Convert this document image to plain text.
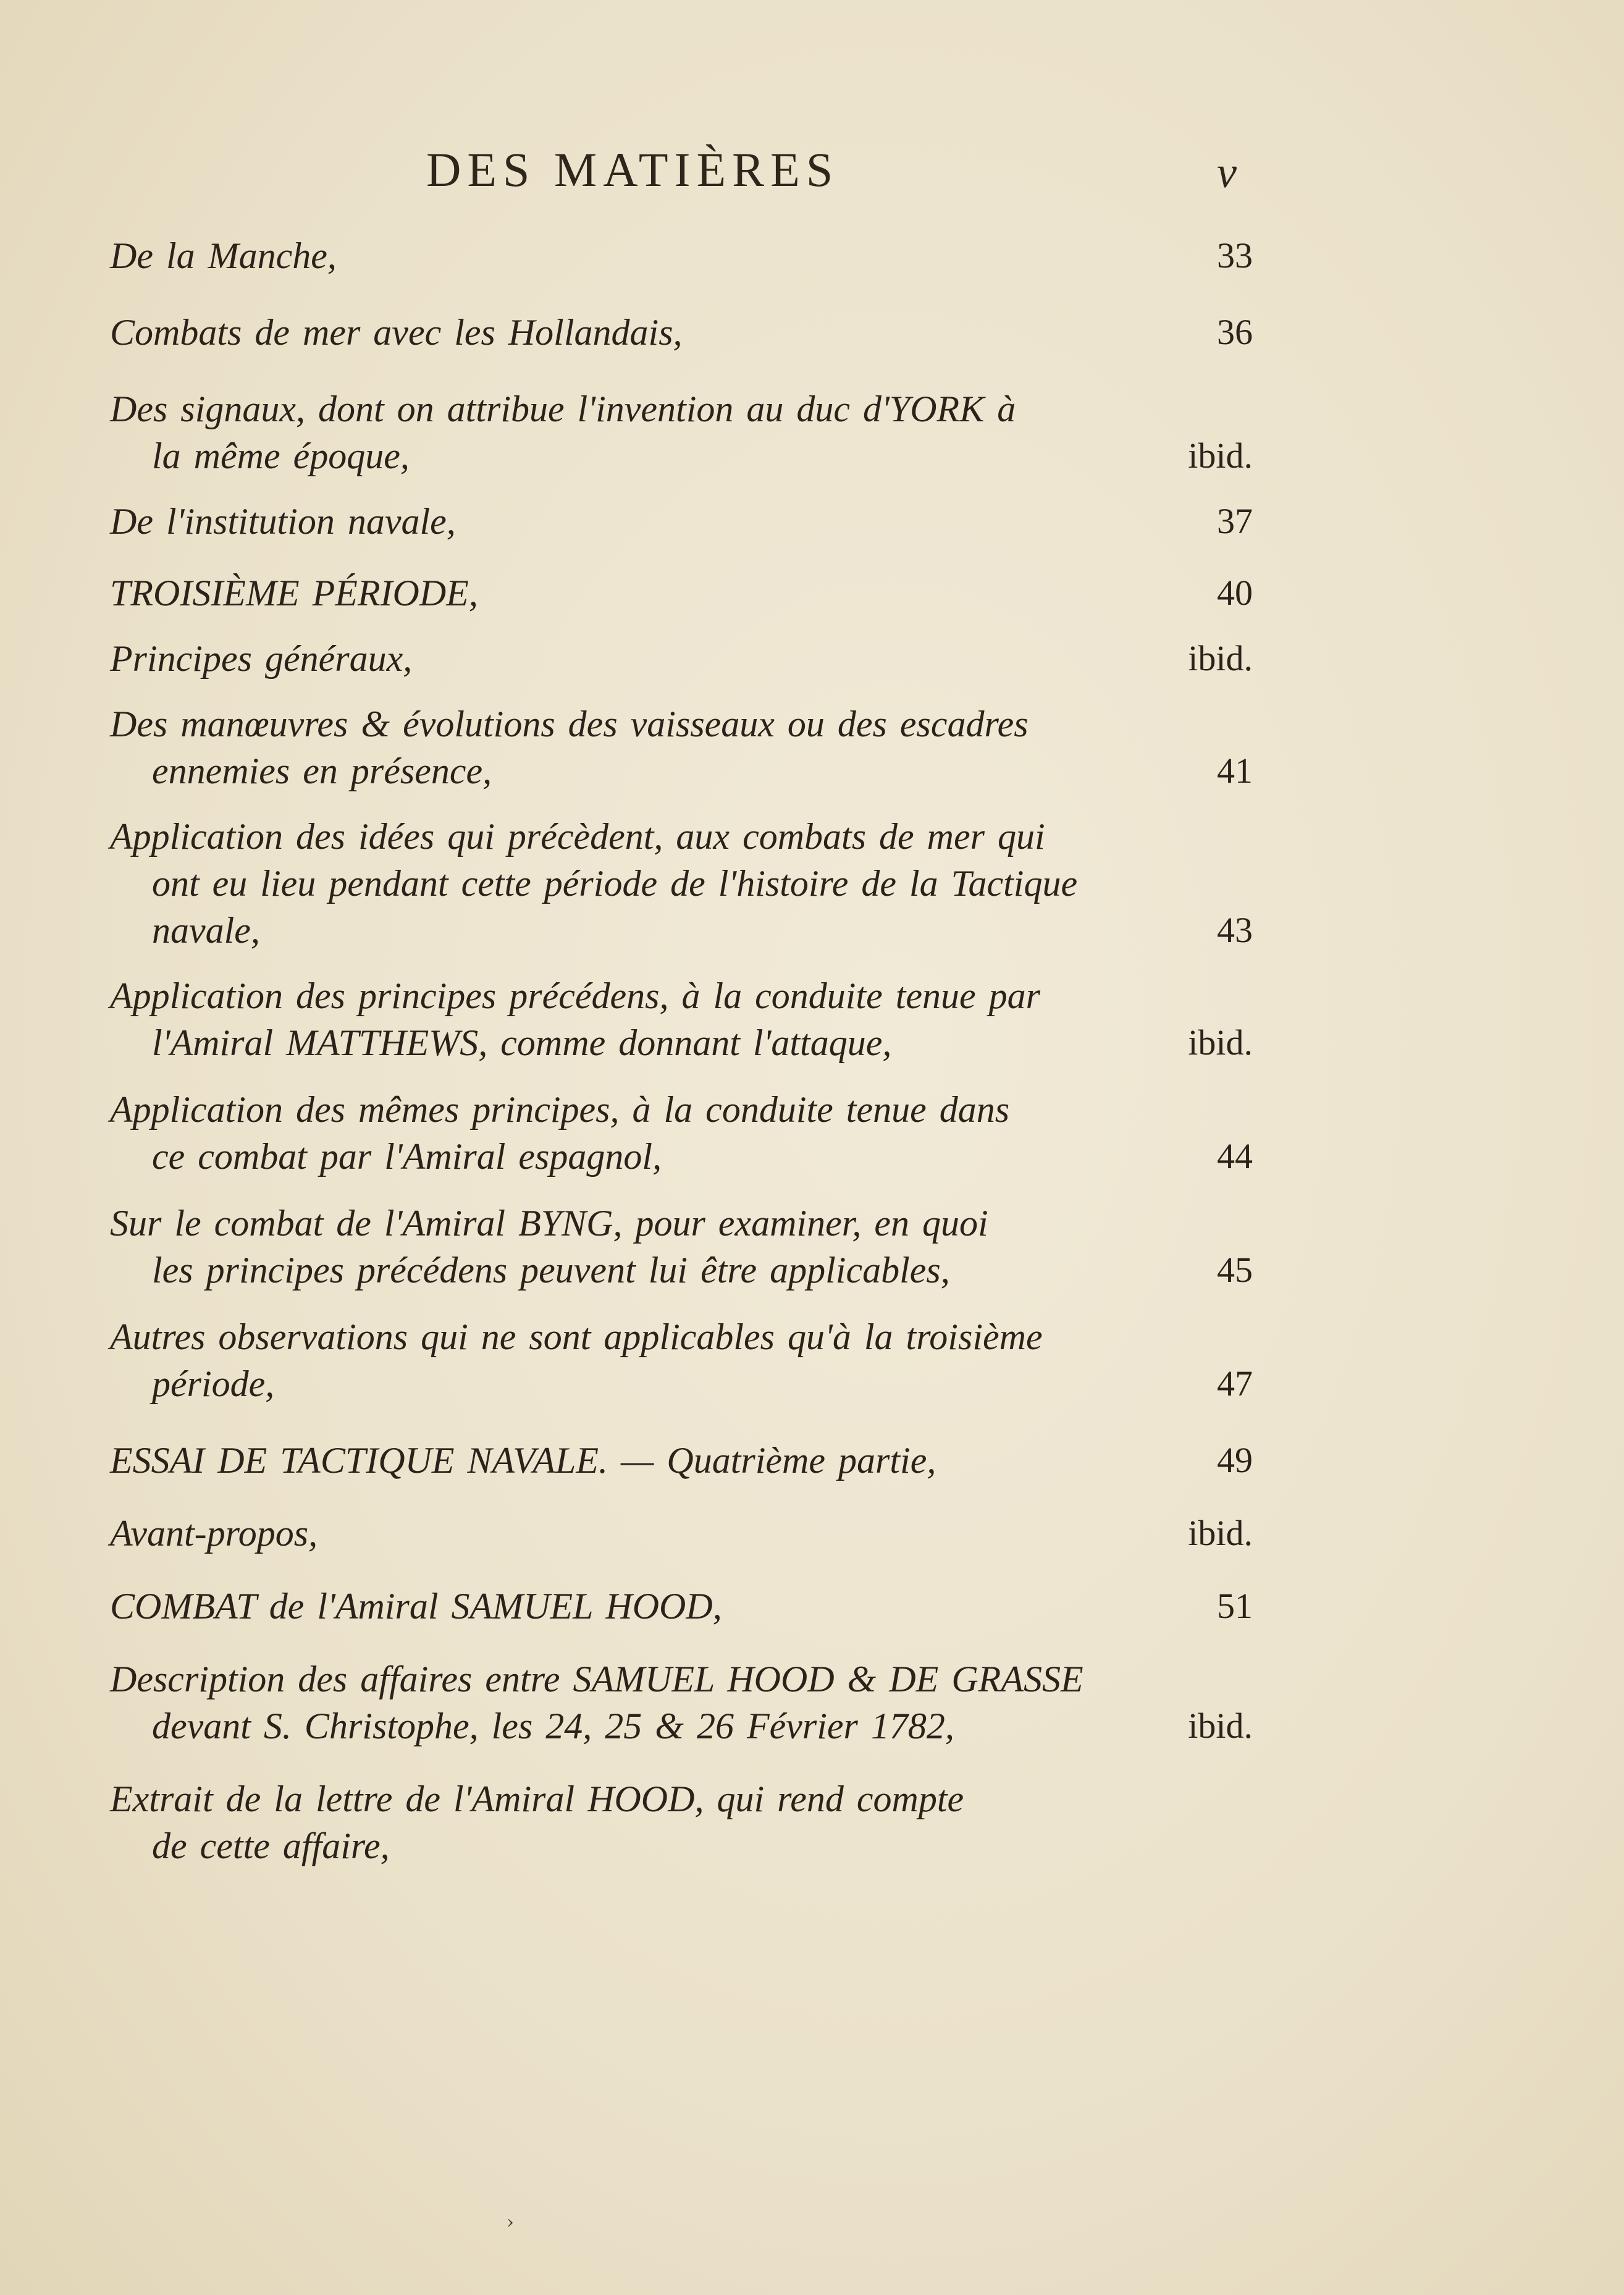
DES MATIÈRES	v
De la Manche,	33
Combats de mer avec les Hollandais,	36
Des signaux, dont on attribue l'invention au duc d'YORK à
la même époque,	ibid.
De l'institution navale,	37
TROISIÈME PÉRIODE,	40
Principes généraux,	ibid.
Des manœuvres & évolutions des vaisseaux ou des escadres
ennemies en présence,	41
Application des idées qui précèdent, aux combats de mer qui
ont eu lieu pendant cette période de l'histoire de la Tactique
navale,	43
Application des principes précédens, à la conduite tenue par
l'Amiral MATTHEWS, comme donnant l'attaque,	ibid.
Application des mêmes principes, à la conduite tenue dans
ce combat par l'Amiral espagnol,	44
Sur le combat de l'Amiral BYNG, pour examiner, en quoi
les principes précédens peuvent lui être applicables,	45
Autres observations qui ne sont applicables qu'à la troisième
période,	47
ESSAI DE TACTIQUE NAVALE. — Quatrième partie,	49
Avant-propos,	ibid.
COMBAT de l'Amiral SAMUEL HOOD,	51
Description des affaires entre SAMUEL HOOD & DE GRASSE
devant S. Christophe, les 24, 25 & 26 Février 1782,	ibid.
Extrait de la lettre de l'Amiral HOOD, qui rend compte
de cette affaire,
›
